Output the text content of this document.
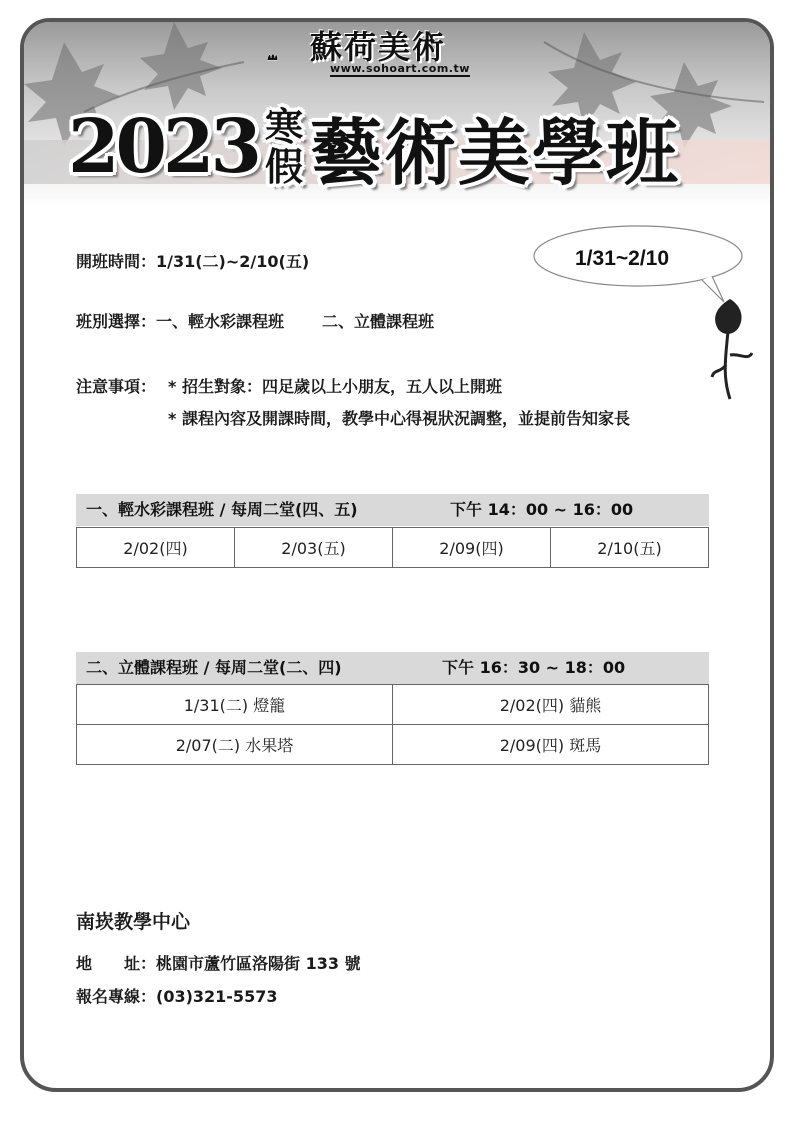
蘇荷美術
www.sohoart.com.tw
2023 寒
假藝術美學班
開班時間：1/31(二)~2/10(五)	1/31~2/10
班別選擇：一、輕水彩課程班 二、立體課程班
注意事項： * 招生對象：四足歲以上小朋友，五人以上開班
* 課程內容及開課時間，教學中心得視狀況調整，並提前告知家長
一、輕水彩課程班 / 每周二堂(四、五)	下午 14：00 ~ 16：00
2/02(四)	2/03(五)	2/09(四)	2/10(五)
二、立體課程班 / 每周二堂(二、四)	下午 16：30 ~ 18：00
1/31(二) 燈籠	2/02(四) 貓熊
2/07(二) 水果塔	2/09(四) 斑馬
南崁教學中心
地　　址：桃園市蘆竹區洛陽街 133 號
報名專線：(03)321-5573
